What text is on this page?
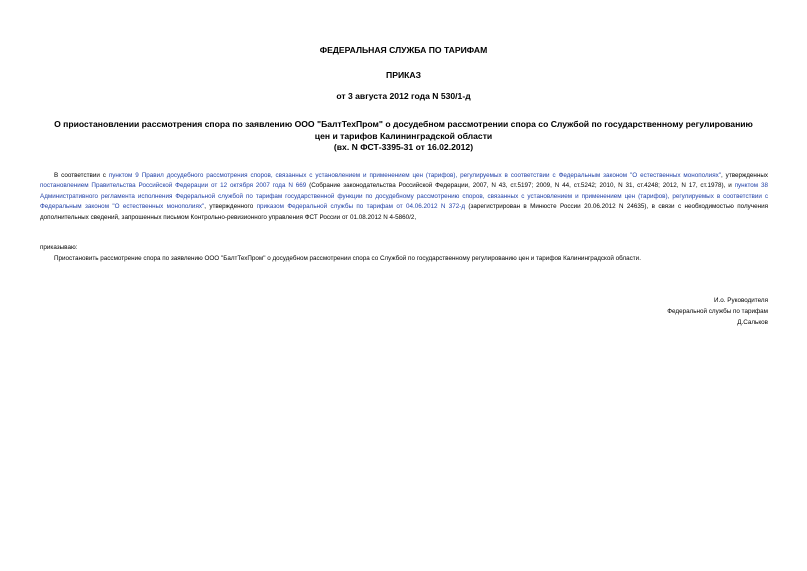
ФЕДЕРАЛЬНАЯ СЛУЖБА ПО ТАРИФАМ
ПРИКАЗ
от 3 августа 2012 года N 530/1-д
О приостановлении рассмотрения спора по заявлению ООО "БалтТехПром" о досудебном рассмотрении спора со Службой по государственному регулированию
цен и тарифов Калининградской области
(вх. N ФСТ-3395-31 от 16.02.2012)
В соответствии с пунктом 9 Правил досудебного рассмотрения споров, связанных с установлением и применением цен (тарифов), регулируемых в соответствии с Федеральным законом "О естественных монополиях", утвержденных постановлением Правительства Российской Федерации от 12 октября 2007 года N 669 (Собрание законодательства Российской Федерации, 2007, N 43, ст.5197; 2009, N 44, ст.5242; 2010, N 31, ст.4248; 2012, N 17, ст.1978), и пунктом 38 Административного регламента исполнения Федеральной службой по тарифам государственной функции по досудебному рассмотрению споров, связанных с установлением и применением цен (тарифов), регулируемых в соответствии с Федеральным законом "О естественных монополиях", утвержденного приказом Федеральной службы по тарифам от 04.06.2012 N 372-д (зарегистрирован в Минюсте России 20.06.2012 N 24635), в связи с необходимостью получения дополнительных сведений, запрошенных письмом Контрольно-ревизионного управления ФСТ России от 01.08.2012 N 4-5860/2,
приказываю:
Приостановить рассмотрение спора по заявлению ООО "БалтТехПром" о досудебном рассмотрении спора со Службой по государственному регулированию цен и тарифов Калининградской области.
И.о. Руководителя
Федеральной службы по тарифам
Д.Сальков
